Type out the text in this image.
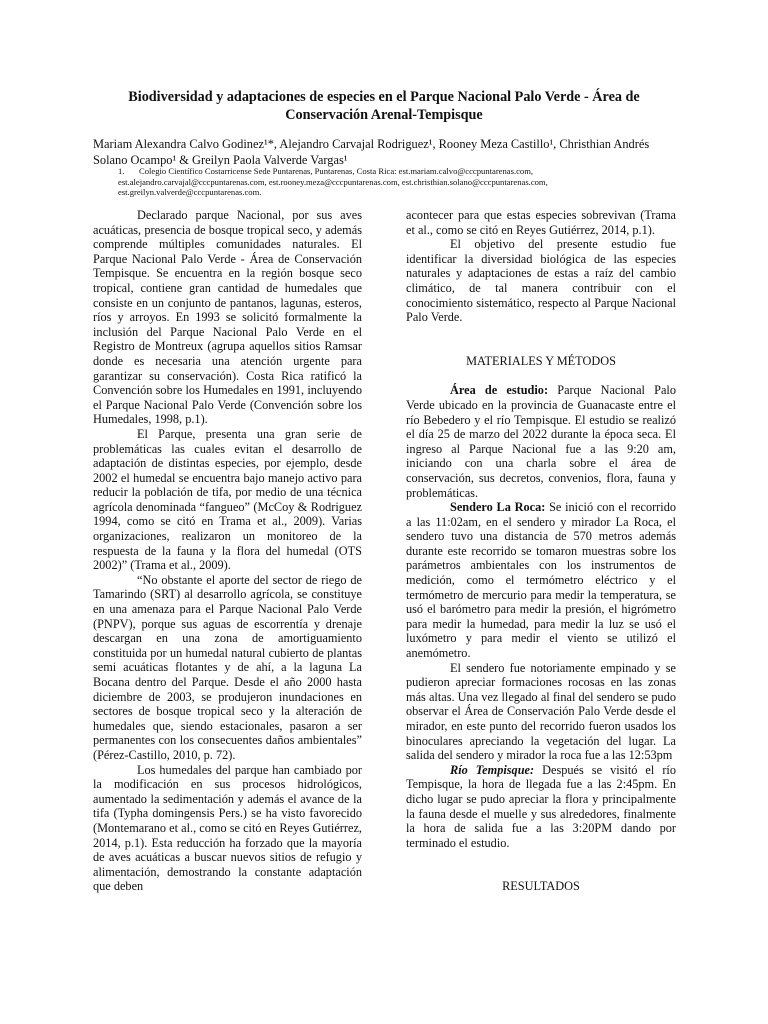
Biodiversidad y adaptaciones de especies en el Parque Nacional Palo Verde - Área de
Conservación Arenal-Tempisque
Mariam Alexandra Calvo Godinez¹*, Alejandro Carvajal Rodriguez¹, Rooney Meza Castillo¹, Christhian Andrés
Solano Ocampo¹ & Greilyn Paola Valverde Vargas¹
1.	Colegio Científico Costarricense Sede Puntarenas, Puntarenas, Costa Rica: est.mariam.calvo@cccpuntarenas.com,
est.alejandro.carvajal@cccpuntarenas.com, est.rooney.meza@cccpuntarenas.com, est.christhian.solano@cccpuntarenas.com,
est.greilyn.valverde@cccpuntarenas.com.

Declarado parque Nacional, por sus aves acuáticas, presencia de bosque tropical seco, y además comprende múltiples comunidades naturales. El Parque Nacional Palo Verde - Área de Conservación Tempisque. Se encuentra en la región bosque seco tropical, contiene gran cantidad de humedales que consiste en un conjunto de pantanos, lagunas, esteros, ríos y arroyos. En 1993 se solicitó formalmente la inclusión del Parque Nacional Palo Verde en el Registro de Montreux (agrupa aquellos sitios Ramsar donde es necesaria una atención urgente para garantizar su conservación). Costa Rica ratificó la Convención sobre los Humedales en 1991, incluyendo el Parque Nacional Palo Verde (Convención sobre los Humedales, 1998, p.1).

El Parque, presenta una gran serie de problemáticas las cuales evitan el desarrollo de adaptación de distintas especies, por ejemplo, desde 2002 el humedal se encuentra bajo manejo activo para reducir la población de tifa, por medio de una técnica agrícola denominada “fangueo” (McCoy & Rodriguez 1994, como se citó en Trama et al., 2009). Varias organizaciones, realizaron un monitoreo de la respuesta de la fauna y la flora del humedal (OTS 2002)” (Trama et al., 2009).

“No obstante el aporte del sector de riego de Tamarindo (SRT) al desarrollo agrícola, se constituye en una amenaza para el Parque Nacional Palo Verde (PNPV), porque sus aguas de escorrentía y drenaje descargan en una zona de amortiguamiento constituida por un humedal natural cubierto de plantas semi acuáticas flotantes y de ahí, a la laguna La Bocana dentro del Parque. Desde el año 2000 hasta diciembre de 2003, se produjeron inundaciones en sectores de bosque tropical seco y la alteración de humedales que, siendo estacionales, pasaron a ser permanentes con los consecuentes daños ambientales” (Pérez-Castillo, 2010, p. 72).

Los humedales del parque han cambiado por la modificación en sus procesos hidrológicos, aumentado la sedimentación y además el avance de la tifa (Typha domingensis Pers.) se ha visto favorecido (Montemarano et al., como se citó en Reyes Gutiérrez, 2014, p.1). Esta reducción ha forzado que la mayoría de aves acuáticas a buscar nuevos sitios de refugio y alimentación, demostrando la constante adaptación que deben

acontecer para que estas especies sobrevivan (Trama et al., como se citó en Reyes Gutiérrez, 2014, p.1).

El objetivo del presente estudio fue identificar la diversidad biológica de las especies naturales y adaptaciones de estas a raíz del cambio climático, de tal manera contribuir con el conocimiento sistemático, respecto al Parque Nacional Palo Verde.

MATERIALES Y MÉTODOS

Área de estudio: Parque Nacional Palo Verde ubicado en la provincia de Guanacaste entre el río Bebedero y el río Tempisque. El estudio se realizó el día 25 de marzo del 2022 durante la época seca. El ingreso al Parque Nacional fue a las 9:20 am, iniciando con una charla sobre el área de conservación, sus decretos, convenios, flora, fauna y problemáticas.

Sendero La Roca: Se inició con el recorrido a las 11:02am, en el sendero y mirador La Roca, el sendero tuvo una distancia de 570 metros además durante este recorrido se tomaron muestras sobre los parámetros ambientales con los instrumentos de medición, como el termómetro eléctrico y el termómetro de mercurio para medir la temperatura, se usó el barómetro para medir la presión, el higrómetro para medir la humedad, para medir la luz se usó el luxómetro y para medir el viento se utilizó el anemómetro.

El sendero fue notoriamente empinado y se pudieron apreciar formaciones rocosas en las zonas más altas. Una vez llegado al final del sendero se pudo observar el Área de Conservación Palo Verde desde el mirador, en este punto del recorrido fueron usados los binoculares apreciando la vegetación del lugar. La salida del sendero y mirador la roca fue a las 12:53pm

Río Tempisque: Después se visitó el río Tempisque, la hora de llegada fue a las 2:45pm. En dicho lugar se pudo apreciar la flora y principalmente la fauna desde el muelle y sus alrededores, finalmente la hora de salida fue a las 3:20PM dando por terminado el estudio.

RESULTADOS
